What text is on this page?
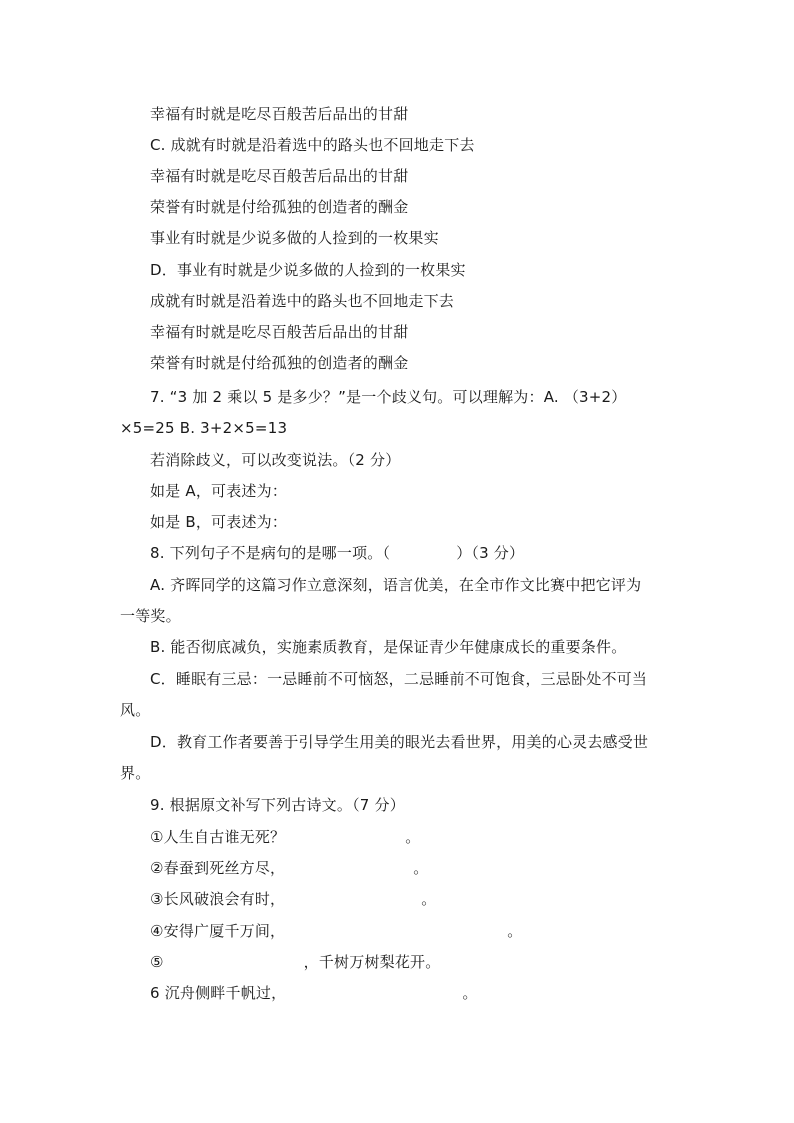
幸福有时就是吃尽百般苦后品出的甘甜
C. 成就有时就是沿着选中的路头也不回地走下去
幸福有时就是吃尽百般苦后品出的甘甜
荣誉有时就是付给孤独的创造者的酬金
事业有时就是少说多做的人捡到的一枚果实
D．事业有时就是少说多做的人捡到的一枚果实
成就有时就是沿着选中的路头也不回地走下去
幸福有时就是吃尽百般苦后品出的甘甜
荣誉有时就是付给孤独的创造者的酬金
7. “3 加 2 乘以 5 是多少？”是一个歧义句。可以理解为：A. （3+2）
×5=25 B. 3+2×5=13
若消除歧义，可以改变说法。（2 分）
如是 A，可表述为：
如是 B，可表述为：
8. 下列句子不是病句的是哪一项。（	）（3 分）
A. 齐晖同学的这篇习作立意深刻，语言优美，在全市作文比赛中把它评为
一等奖。
B. 能否彻底减负，实施素质教育，是保证青少年健康成长的重要条件。
C．睡眠有三忌：一忌睡前不可恼怒，二忌睡前不可饱食，三忌卧处不可当
风。
D．教育工作者要善于引导学生用美的眼光去看世界，用美的心灵去感受世
界。
9. 根据原文补写下列古诗文。（7 分）
①人生自古谁无死？	。
②春蚕到死丝方尽，	。
③长风破浪会有时，	。
④安得广厦千万间，	。
⑤	，千树万树梨花开。
6 沉舟侧畔千帆过，	。
